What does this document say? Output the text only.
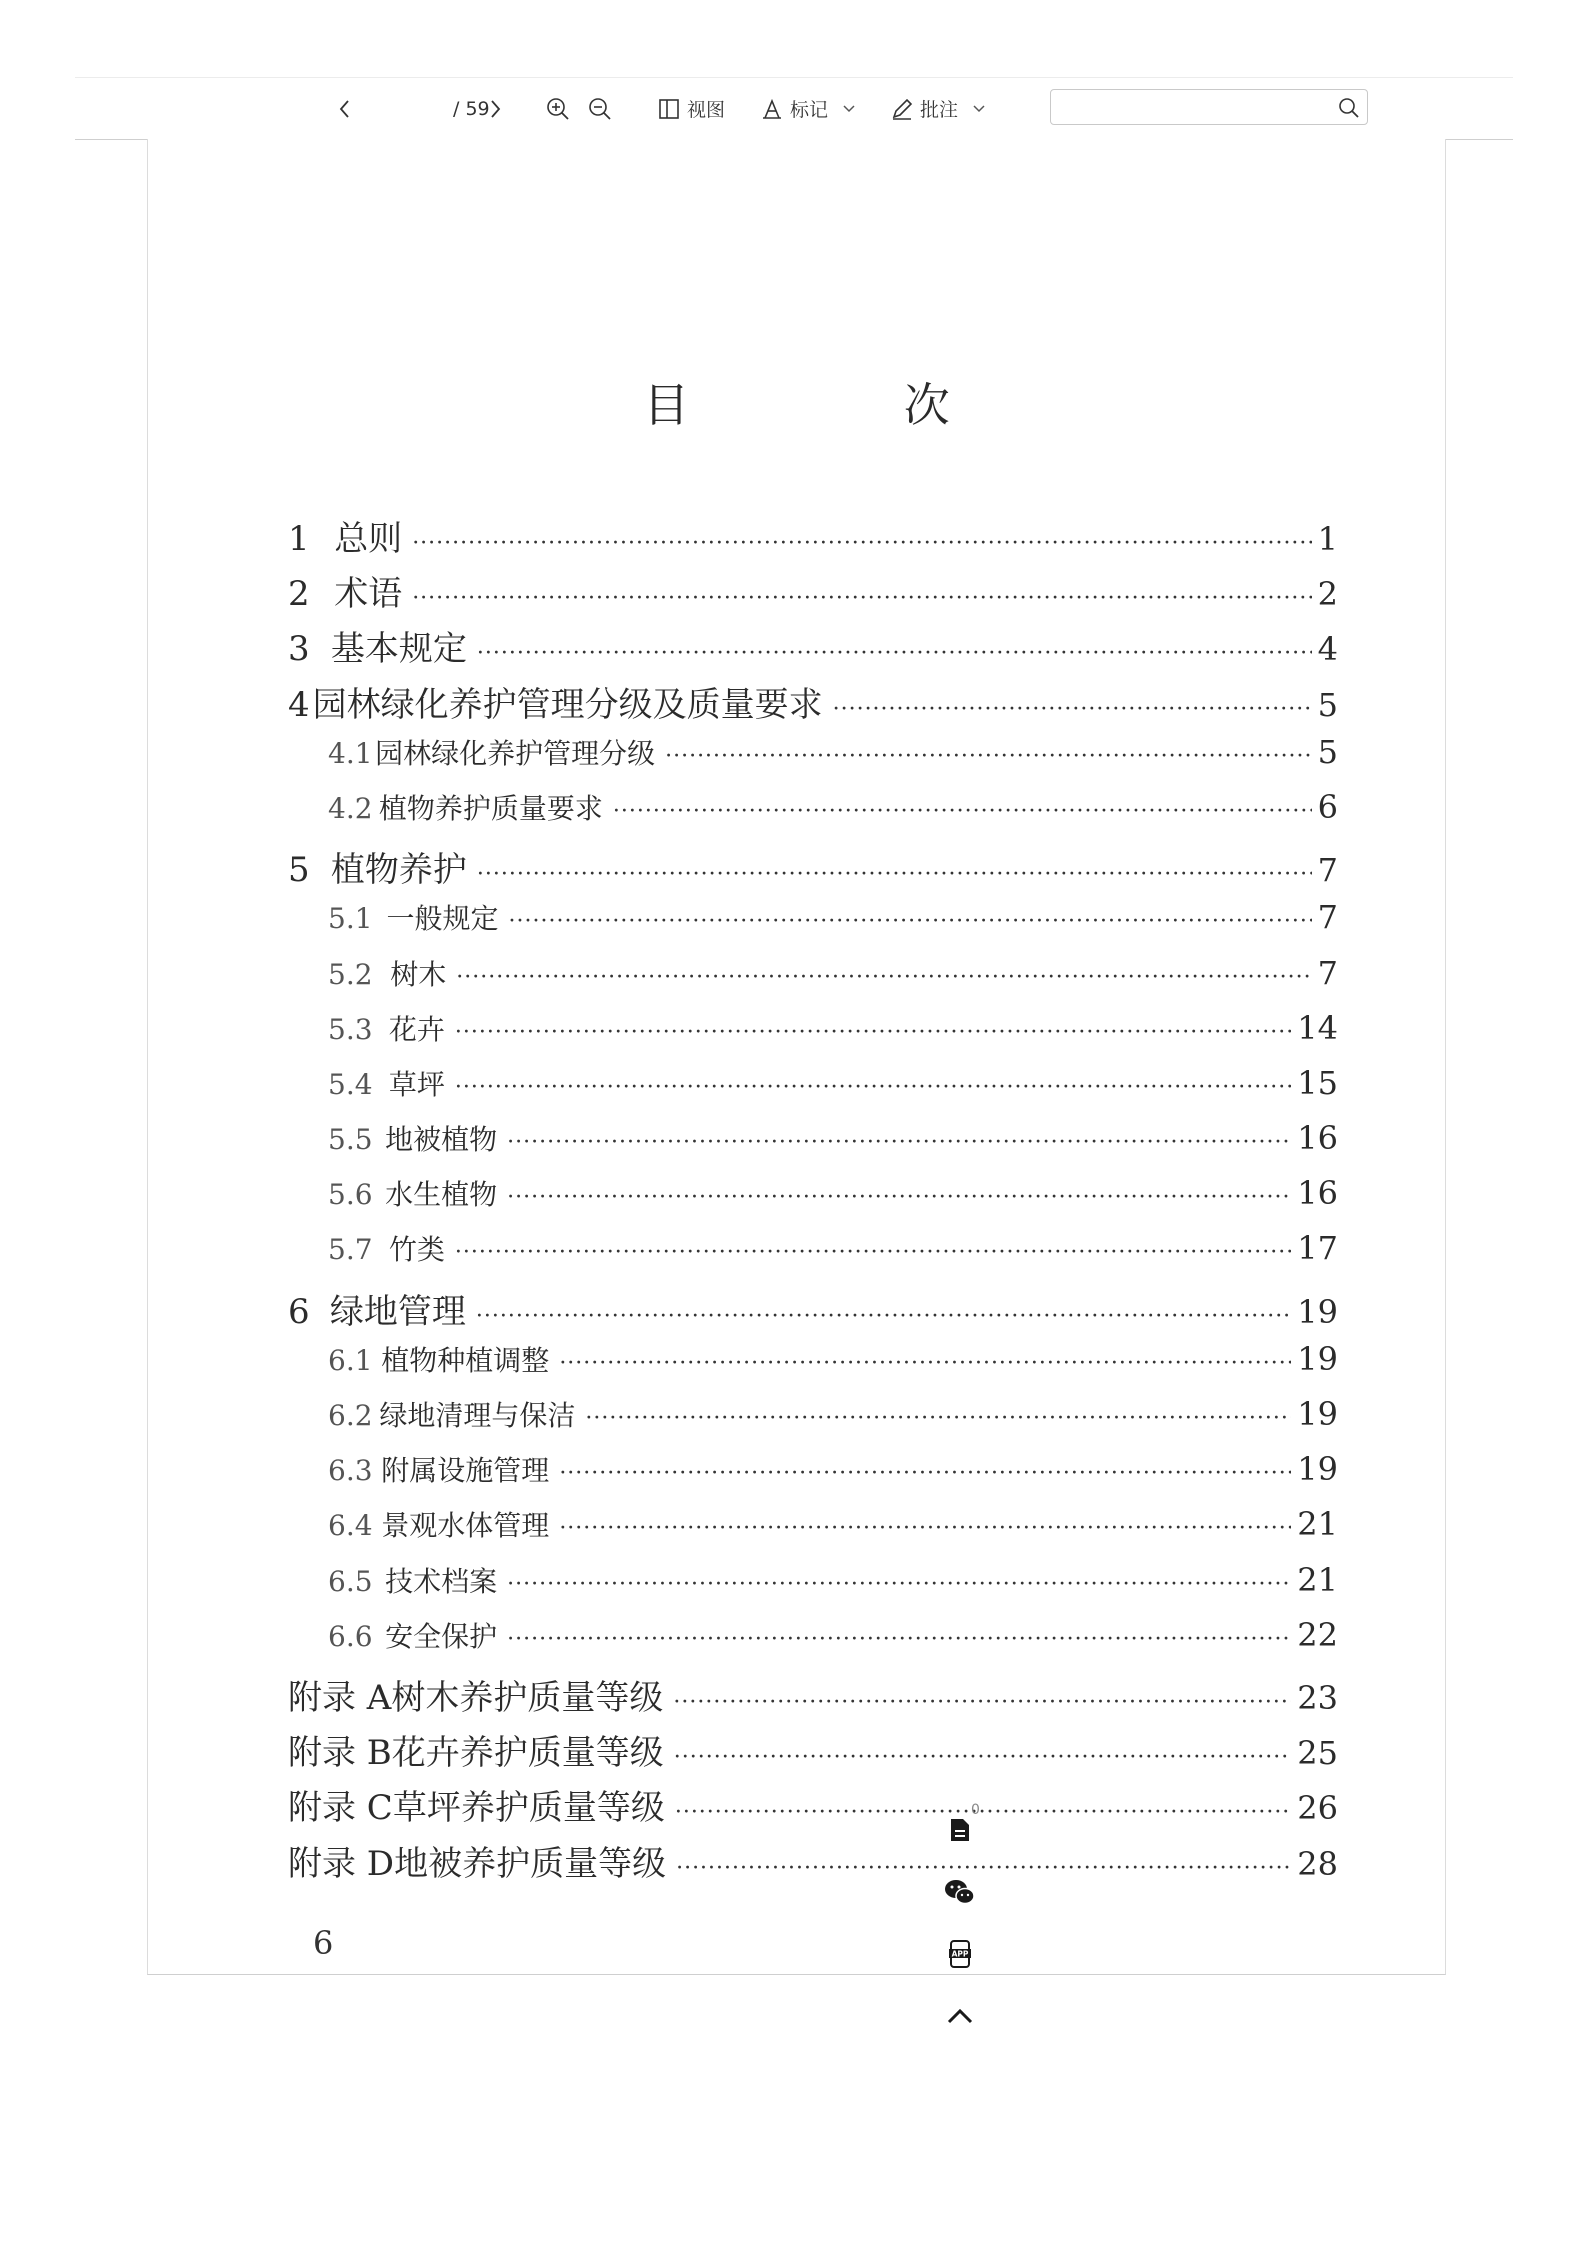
/ 59	视图	标记	批注
目 次
1 总则 ·····	1
2 术语 ·····	2
3 基本规定 ·····	4
4 园林绿化养护管理分级及质量要求 ·····	5
4.1 园林绿化养护管理分级 ·····	5
4.2 植物养护质量要求 ·····	6
5 植物养护 ·····	7
5.1 一般规定 ·····	7
5.2 树木 ·····	7
5.3 花卉 ·····	14
5.4 草坪 ·····	15
5.5 地被植物 ·····	16
5.6 水生植物 ·····	16
5.7 竹类 ·····	17
6 绿地管理 ·····	19
6.1 植物种植调整 ·····	19
6.2 绿地清理与保洁 ·····	19
6.3 附属设施管理 ·····	19
6.4 景观水体管理 ·····	21
6.5 技术档案 ·····	21
6.6 安全保护 ·····	22
附录 A 树木养护质量等级 ·····	23
附录 B 花卉养护质量等级 ·····	25
附录 C 草坪养护质量等级 ·····	26
附录 D 地被养护质量等级 ·····	28
6
0
APP
